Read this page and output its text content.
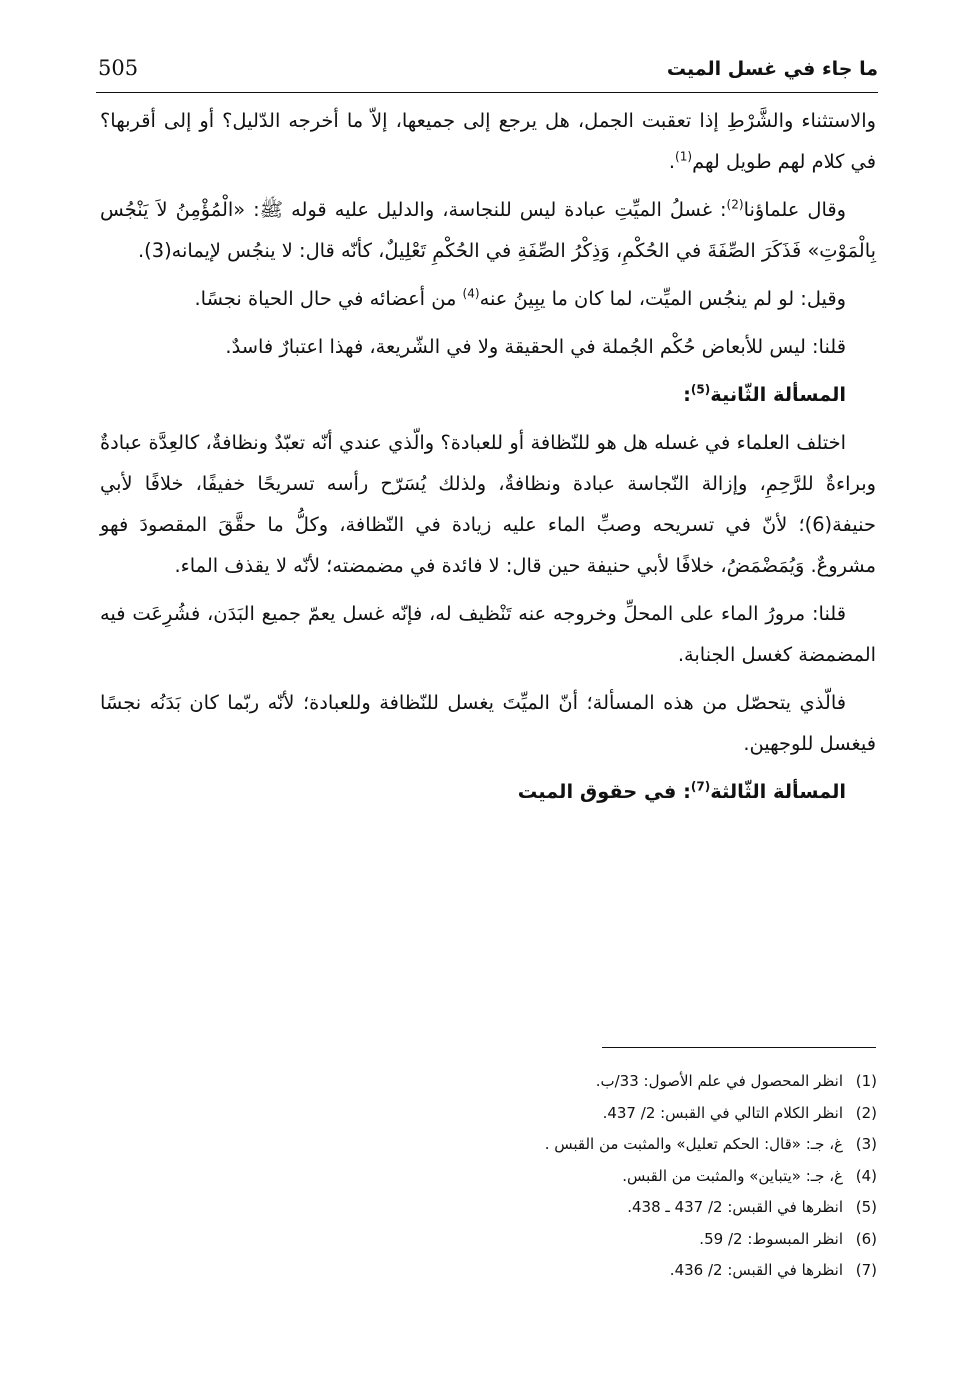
ما جاء في غسل الميت
505

والاستثناء والشَّرْطِ إذا تعقبت الجمل، هل يرجع إلى جميعها، إلاّ ما أخرجه الدّليل؟ أو إلى أقربها؟ في كلام لهم طويل لهم$^{(1)}$.

وقال علماؤنا$^{(2)}$: غسلُ الميِّتِ عبادة ليس للنجاسة، والدليل عليه قوله ﷺ: «الْمُؤْمِنُ لاَ يَنْجُس بِالْمَوْتِ» فَذَكَرَ الصِّفَةَ في الحُكْمِ، وَذِكْرُ الصِّفَةِ في الحُكْمِ تَعْلِيلٌ، كأنّه قال: لا ينجُس لإيمانه(3).

وقيل: لو لم ينجُس الميِّت، لما كان ما يبِينُ عنه$^{(4)}$ من أعضائه في حال الحياة نجسًا.

قلنا: ليس للأبعاض حُكْم الجُملة في الحقيقة ولا في الشّريعة، فهذا اعتبارٌ فاسدٌ.

المسألة الثّانية$^{(5)}$:

اختلف العلماء في غسله هل هو للنّظافة أو للعبادة؟ والّذي عندي أنّه تعبّدٌ ونظافةٌ، كالعِدَّة عبادةٌ وبراءةٌ للرَّحِمِ، وإزالة النّجاسة عبادة ونظافةٌ، ولذلك يُسَرّح رأسه تسريحًا خفيفًا، خلافًا لأبي حنيفة(6)؛ لأنّ في تسريحه وصبِّ الماء عليه زيادة في النّظافة، وكلُّ ما حقَّقَ المقصودَ فهو مشروعٌ. وَيُمَضْمَضُ، خلافًا لأبي حنيفة حين قال: لا فائدة في مضمضته؛ لأنّه لا يقذف الماء.

قلنا: مرورُ الماء على المحلِّ وخروجه عنه تَنْظيف له، فإنّه غسل يعمّ جميع البَدَن، فشُرِعَت فيه المضمضة كغسل الجنابة.

فالّذي يتحصّل من هذه المسألة؛ أنّ الميِّتَ يغسل للنّظافة وللعبادة؛ لأنّه ربّما كان بَدَنُه نجسًا فيغسل للوجهين.

المسألة الثّالثة$^{(7)}$: في حقوق الميت

(1)انظر المحصول في علم الأصول: 33/ب.
(2)انظر الكلام التالي في القبس: 2/ 437.
(3)غ، جـ: «قال: الحكم تعليل» والمثبت من القبس .
(4)غ، جـ: «يتباين» والمثبت من القبس.
(5)انظرها في القبس: 2/ 437 ـ 438.
(6)انظر المبسوط: 2/ 59.
(7)انظرها في القبس: 2/ 436.
